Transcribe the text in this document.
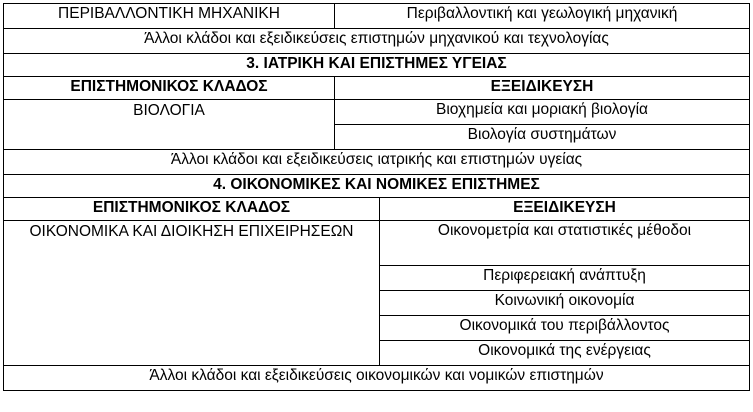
ΠΕΡΙΒΑΛΛΟΝΤΙΚΗ ΜΗΧΑΝΙΚΗ	Περιβαλλοντική και γεωλογική μηχανική	
Άλλοι κλάδοι και εξειδικεύσεις επιστημών μηχανικού και τεχνολογίας		
3. ΙΑΤΡΙΚΗ ΚΑΙ ΕΠΙΣΤΗΜΕΣ ΥΓΕΙΑΣ		
ΕΠΙΣΤΗΜΟΝΙΚΟΣ ΚΛΑΔΟΣ	ΕΞΕΙΔΙΚΕΥΣΗ	
ΒΙΟΛΟΓΙΑ	Βιοχημεία και μοριακή βιολογία	
	Βιολογία συστημάτων	
Άλλοι κλάδοι και εξειδικεύσεις ιατρικής και επιστημών υγείας		
4. ΟΙΚΟΝΟΜΙΚΕΣ ΚΑΙ ΝΟΜΙΚΕΣ ΕΠΙΣΤΗΜΕΣ		
ΕΠΙΣΤΗΜΟΝΙΚΟΣ ΚΛΑΔΟΣ		ΕΞΕΙΔΙΚΕΥΣΗ
ΟΙΚΟΝΟΜΙΚΑ ΚΑΙ ΔΙΟΙΚΗΣΗ ΕΠΙΧΕΙΡΗΣΕΩΝ		Οικονομετρία και στατιστικές μέθοδοι
		Περιφερειακή ανάπτυξη
		Κοινωνική οικονομία
		Οικονομικά του περιβάλλοντος
		Οικονομικά της ενέργειας
Άλλοι κλάδοι και εξειδικεύσεις οικονομικών και νομικών επιστημών		
